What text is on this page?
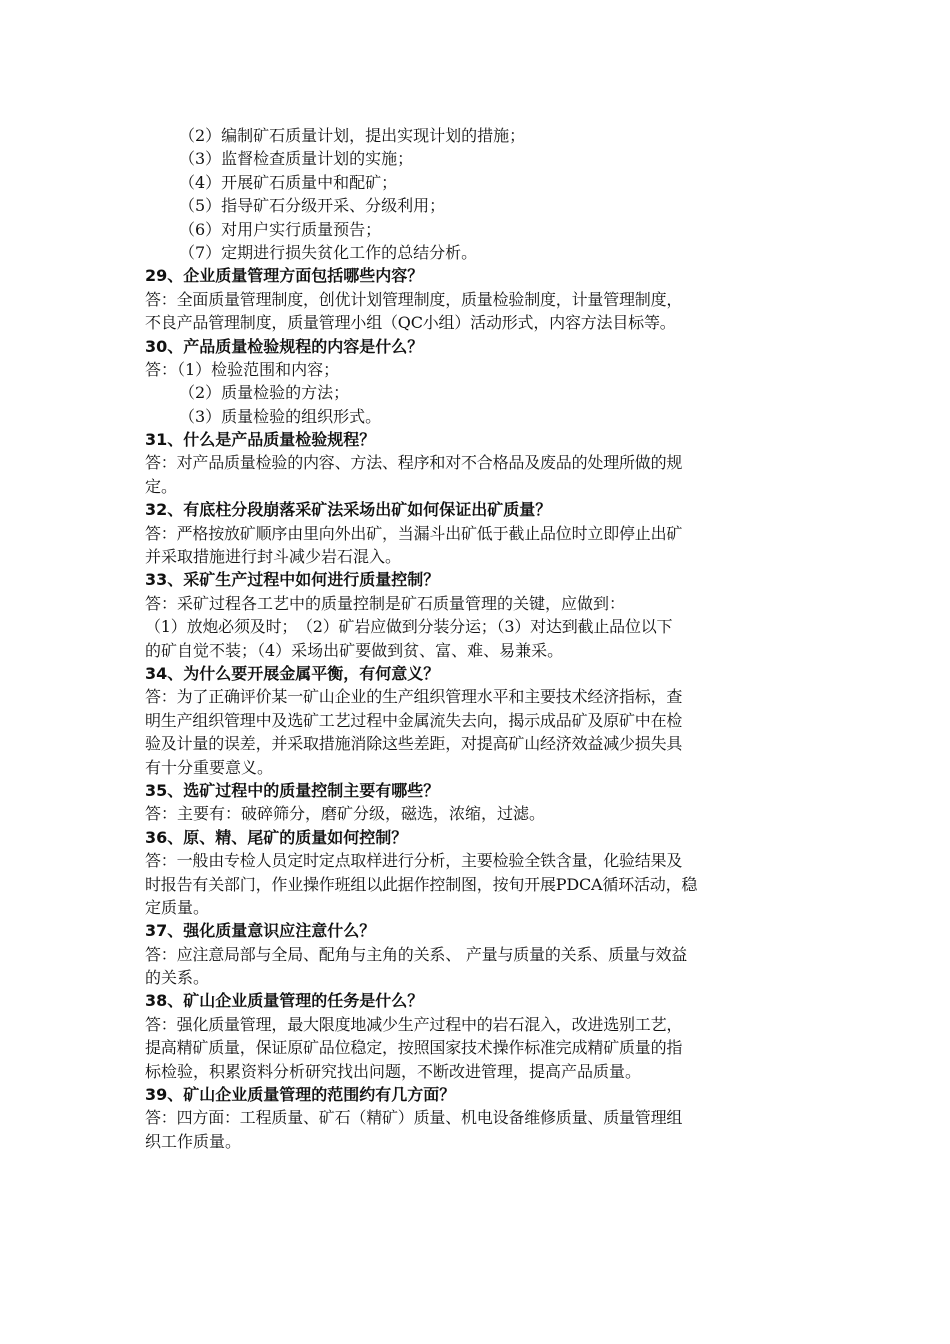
（2）编制矿石质量计划，提出实现计划的措施；
（3）监督检查质量计划的实施；
（4）开展矿石质量中和配矿；
（5）指导矿石分级开采、分级利用；
（6）对用户实行质量预告；
（7）定期进行损失贫化工作的总结分析。
29、企业质量管理方面包括哪些内容？
答：全面质量管理制度，创优计划管理制度，质量检验制度，计量管理制度，
不良产品管理制度，质量管理小组（QC小组）活动形式，内容方法目标等。
30、产品质量检验规程的内容是什么？
答：（1）检验范围和内容；
（2）质量检验的方法；
（3）质量检验的组织形式。
31、什么是产品质量检验规程？
答：对产品质量检验的内容、方法、程序和对不合格品及废品的处理所做的规
定。
32、有底柱分段崩落采矿法采场出矿如何保证出矿质量？
答：严格按放矿顺序由里向外出矿，当漏斗出矿低于截止品位时立即停止出矿
并采取措施进行封斗减少岩石混入。
33、采矿生产过程中如何进行质量控制？
答：采矿过程各工艺中的质量控制是矿石质量管理的关键，应做到：
（1）放炮必须及时；　（2）矿岩应做到分装分运；（3）对达到截止品位以下
的矿自觉不装；（4）采场出矿要做到贫、富、难、易兼采。
34、为什么要开展金属平衡，有何意义？
答：为了正确评价某一矿山企业的生产组织管理水平和主要技术经济指标，查
明生产组织管理中及选矿工艺过程中金属流失去向，揭示成品矿及原矿中在检
验及计量的误差，并采取措施消除这些差距，对提高矿山经济效益减少损失具
有十分重要意义。
35、选矿过程中的质量控制主要有哪些？
答：主要有：破碎筛分，磨矿分级，磁选，浓缩，过滤。
36、原、精、尾矿的质量如何控制？
答：一般由专检人员定时定点取样进行分析，主要检验全铁含量，化验结果及
时报告有关部门，作业操作班组以此据作控制图，按旬开展PDCA循环活动，稳
定质量。
37、强化质量意识应注意什么？
答：应注意局部与全局、配角与主角的关系、 产量与质量的关系、质量与效益
的关系。
38、矿山企业质量管理的任务是什么？
答：强化质量管理，最大限度地减少生产过程中的岩石混入，改进选别工艺，
提高精矿质量，保证原矿品位稳定，按照国家技术操作标准完成精矿质量的指
标检验，积累资料分析研究找出问题，不断改进管理，提高产品质量。
39、矿山企业质量管理的范围约有几方面？
答：四方面：工程质量、矿石（精矿）质量、机电设备维修质量、质量管理组
织工作质量。
